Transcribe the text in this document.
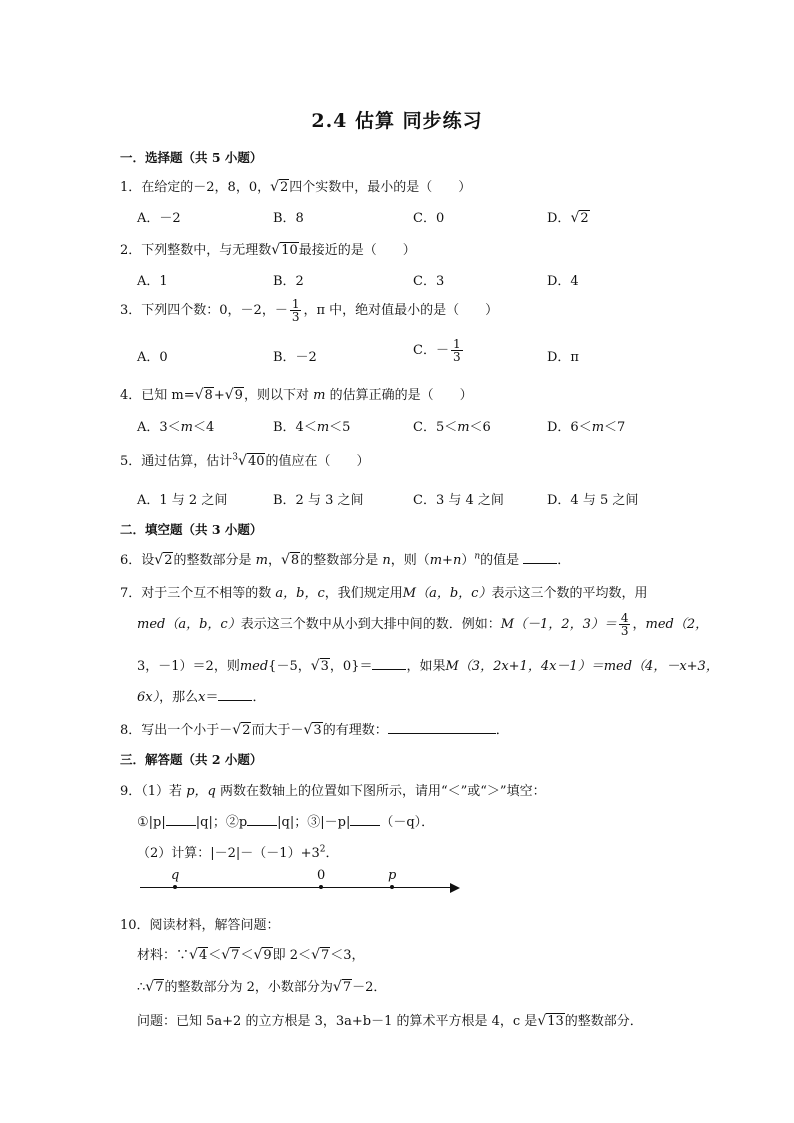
2.4 估算 同步练习
一．选择题（共 5 小题）
1．在给定的－2，8，0，√2四个实数中，最小的是（　　）
A．－2	B．8	C．0	D．√2
2．下列整数中，与无理数√10最接近的是（　　）
A．1	B．2	C．3	D．4
3．下列四个数：0，－2，－ $\frac{1}{3}$ ，π 中，绝对值最小的是（　　）
A．0	B．－2	C．－ $\frac{1}{3}$	D．π
4．已知 m=√8+√9，则以下对 m 的估算正确的是（　　）
A．3＜m＜4	B．4＜m＜5	C．5＜m＜6	D．6＜m＜7
5．通过估算，估计$^3$√40的值应在（　　）
A．1 与 2 之间	B．2 与 3 之间	C．3 与 4 之间	D．4 与 5 之间
二．填空题（共 3 小题）
6．设√2的整数部分是 m，√8的整数部分是 n，则$(m+n)^n$的值是	．
7．对于三个互不相等的数 a，b，c，我们规定用M（a，b，c）表示这三个数的平均数，用
med（a，b，c）表示这三个数中从小到大排中间的数．例如：M（－1，2，$3)= \frac{4}{3}$ ，med（2，
3，－1）＝2，则med{－5，√3，0}＝	，如果M（3，2x+1，4x－1）＝med（4，－x+3，
6x），那么x＝	．
8．写出一个小于－√2而大于－√3的有理数：	．
三．解答题（共 2 小题）
9．（1）若 p，q 两数在数轴上的位置如下图所示，请用“＜”或“＞”填空：
①|p| |q|；②p |q|；③|－p| （－q）．
（2）计算：$|-2|-(-1)+3^2$．
q	0	p
10．阅读材料，解答问题：
材料：∵√4＜√7＜√9即 2＜√7＜3，
∴√7的整数部分为 2，小数部分为√7－2．
问题：已知 5a+2 的立方根是 3，3a+b－1 的算术平方根是 4，c 是√13的整数部分．
